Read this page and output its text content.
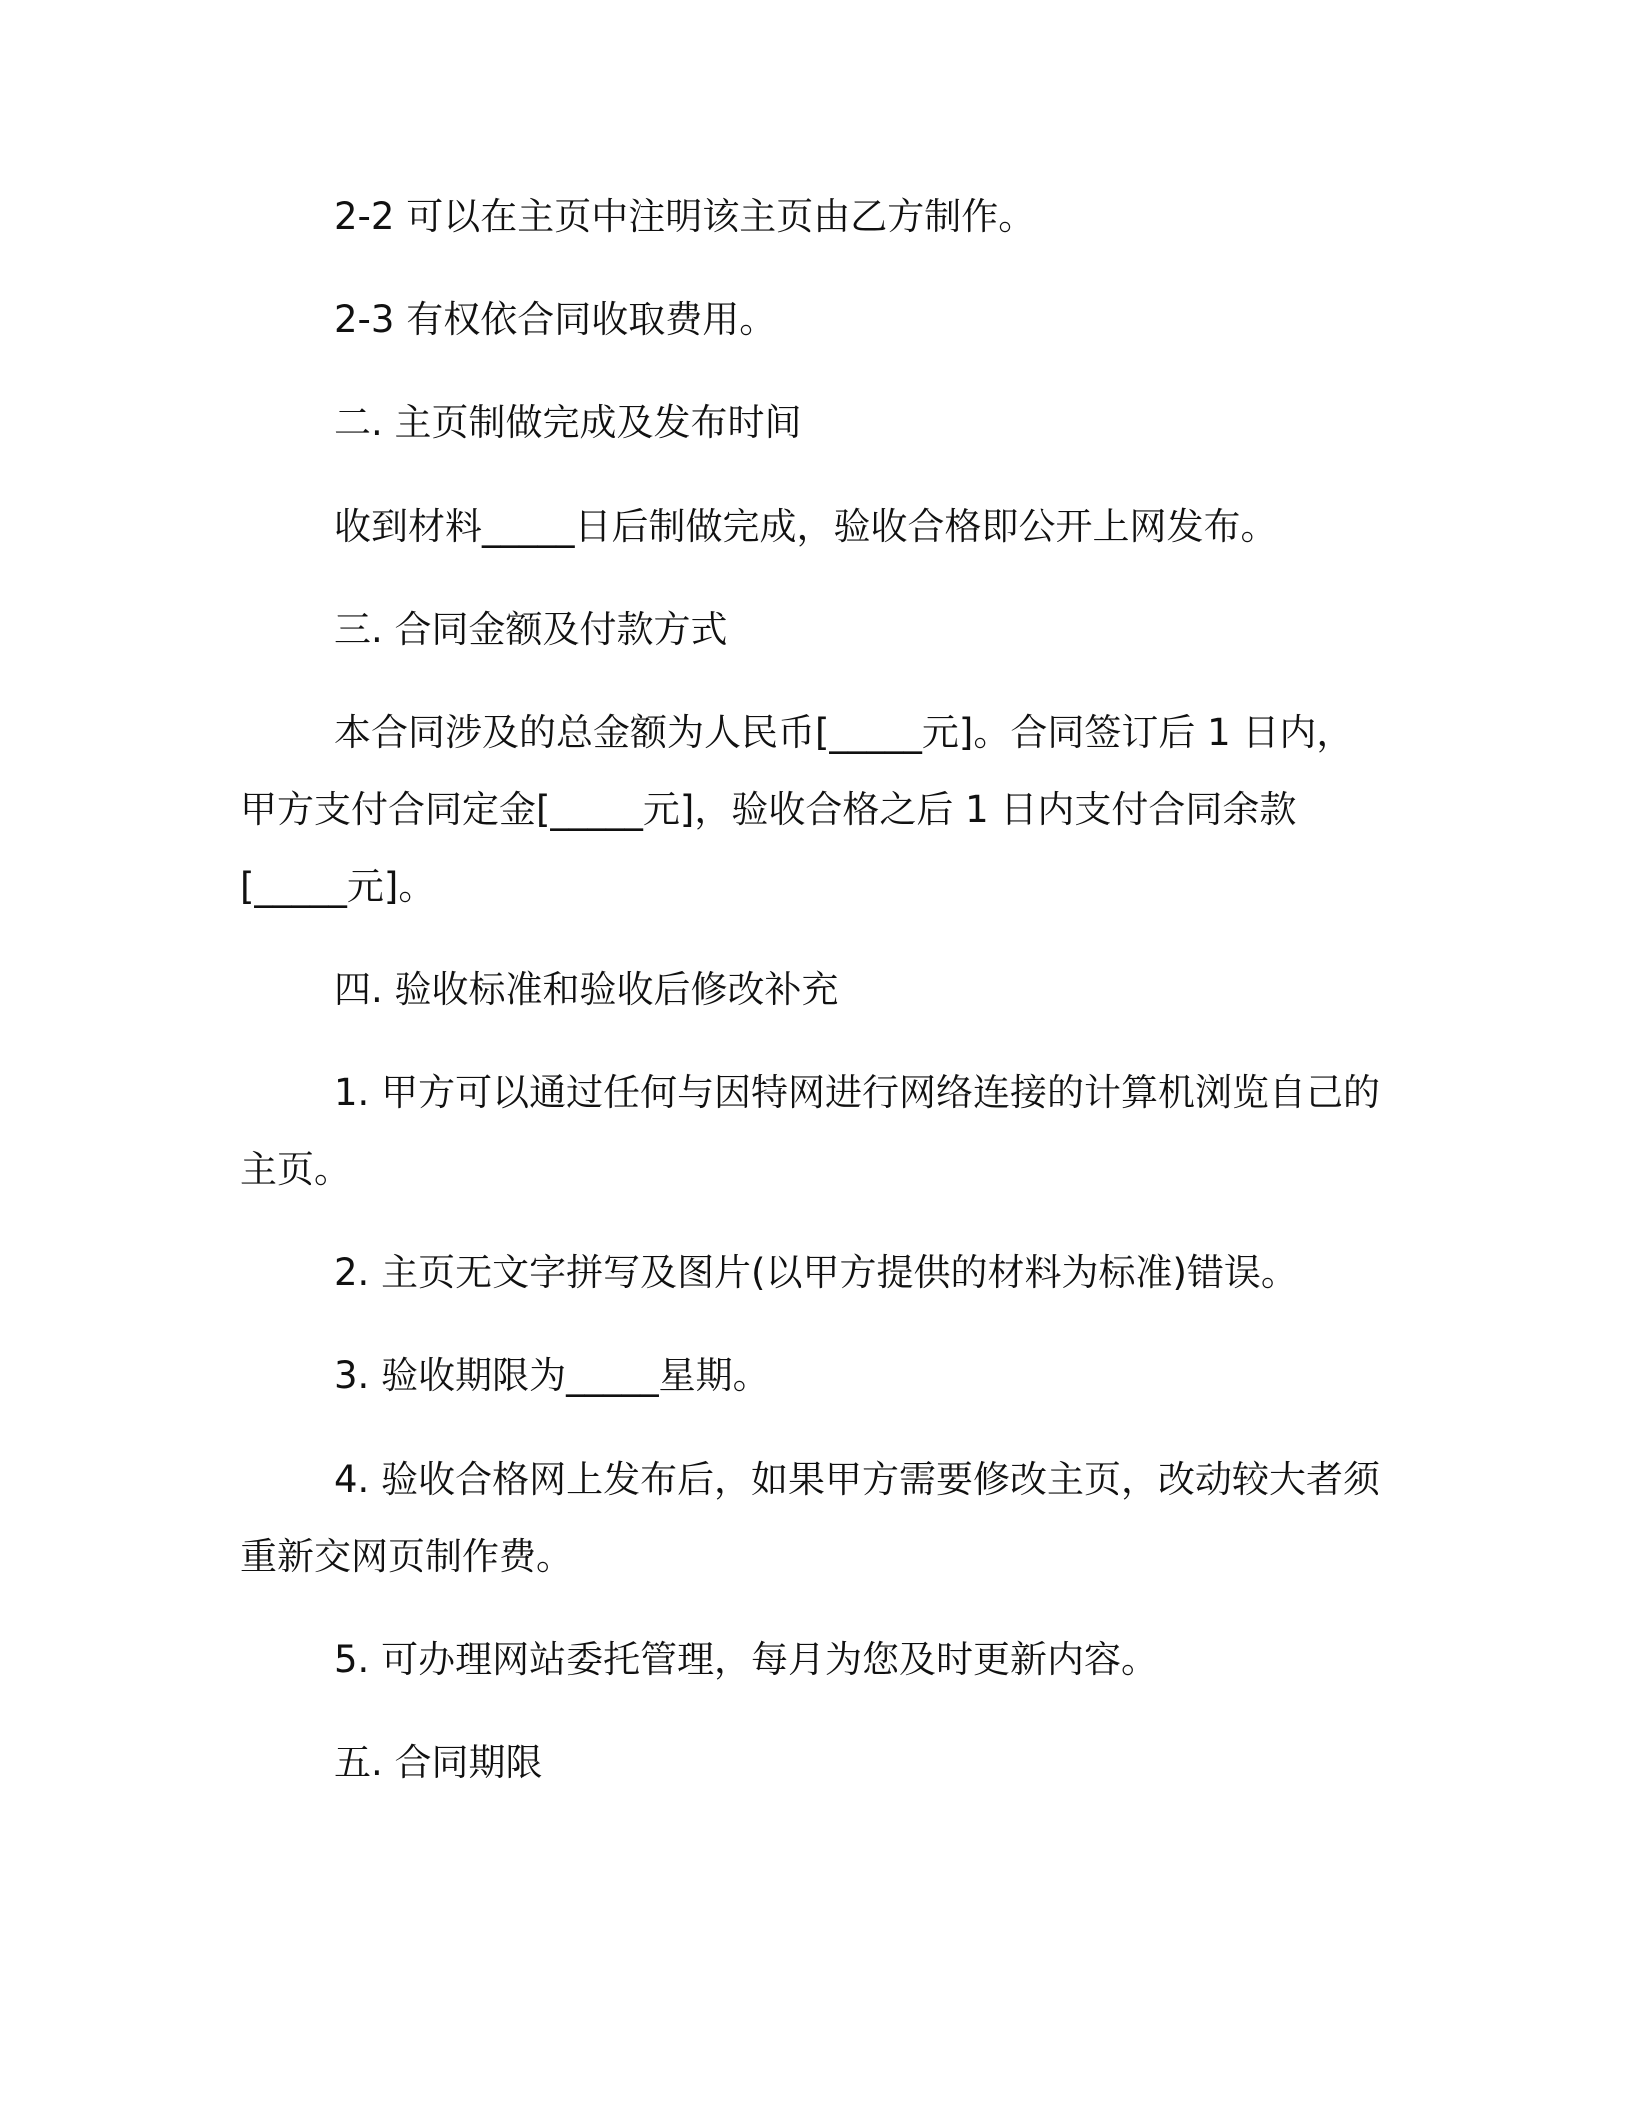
2-2 可以在主页中注明该主页由乙方制作。

2-3 有权依合同收取费用。

二. 主页制做完成及发布时间

收到材料_____日后制做完成，验收合格即公开上网发布。

三. 合同金额及付款方式

本合同涉及的总金额为人民币[_____元]。合同签订后 1 日内，

甲方支付合同定金[_____元]，验收合格之后 1 日内支付合同余款

[_____元]。

四. 验收标准和验收后修改补充

1. 甲方可以通过任何与因特网进行网络连接的计算机浏览自己的

主页。

2. 主页无文字拼写及图片(以甲方提供的材料为标准)错误。

3. 验收期限为_____星期。

4. 验收合格网上发布后，如果甲方需要修改主页，改动较大者须

重新交网页制作费。

5. 可办理网站委托管理，每月为您及时更新内容。

五. 合同期限
